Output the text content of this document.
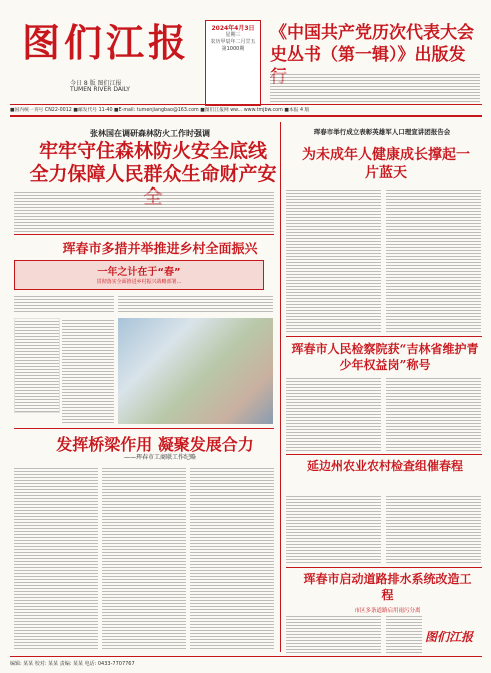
图们江报
今日 8 版 图们江报
TUMEN RIVER DAILY
2024年4月3日
星期三
农历甲辰年二月廿五
第1000期
《中国共产党历次代表大会史丛书（第一辑）》出版发
■国内统一刊号 CN22-0012 ■邮发代号 11-40 ■E-mail: tumenjiangbao@163.com ■图们江报网 ww... www.tmjbw.com ■本报 4 版
张林国在调研森林防火工作时强调
牢牢守住森林防火安全底线
全力保障人民群众生命财产安
珲春市多措并举推进乡村全面振兴
一年之计在于“春”
贯彻落实全面推进乡村振兴战略部署...
发挥桥梁作用 凝聚发展合力
——珲春市工商联工作纪略
珲春市举行成立表彰英雄军人口理宣讲团报告会
为未成年人健康成长撑起一片蓝天
珲春市人民检察院获“吉林省维护青少年权益岗”称号
延边州农业农村检查组催春程
珲春市启动道路排水系统改造工程
市区多条道路启用雨污分离
图们江报
编辑: 某某 校对: 某某 责编: 某某 电话: 0433-7707767
